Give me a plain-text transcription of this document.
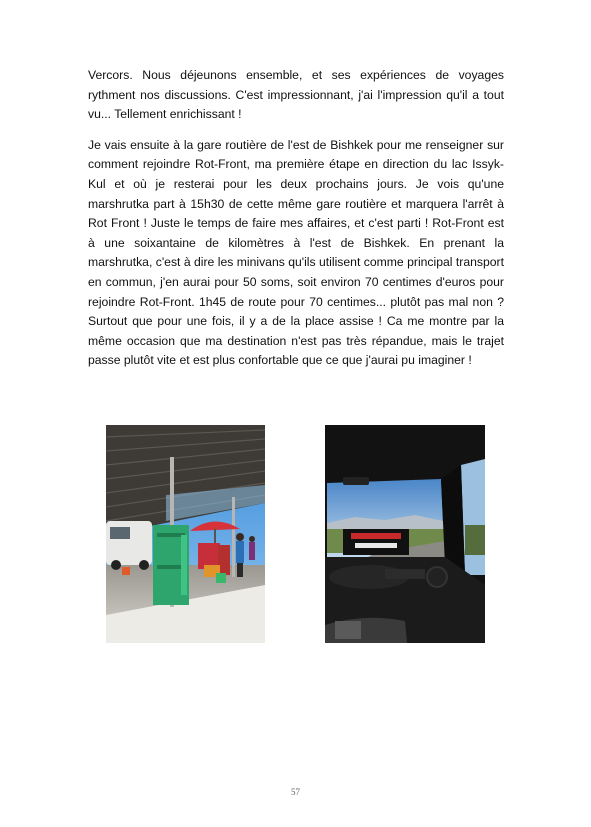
Vercors. Nous déjeunons ensemble, et ses expériences de voyages rythment nos discussions. C'est impressionnant, j'ai l'impression qu'il a tout vu... Tellement enrichissant !

Je vais ensuite à la gare routière de l'est de Bishkek pour me renseigner sur comment rejoindre Rot-Front, ma première étape en direction du lac Issyk-Kul et où je resterai pour les deux prochains jours. Je vois qu'une marshrutka part à 15h30 de cette même gare routière et marquera l'arrêt à Rot Front ! Juste le temps de faire mes affaires, et c'est parti ! Rot-Front est à une soixantaine de kilomètres à l'est de Bishkek. En prenant la marshrutka, c'est à dire les minivans qu'ils utilisent comme principal transport en commun, j'en aurai pour 50 soms, soit environ 70 centimes d'euros pour rejoindre Rot-Front. 1h45 de route pour 70 centimes... plutôt pas mal non ? Surtout que pour une fois, il y a de la place assise ! Ca me montre par la même occasion que ma destination n'est pas très répandue, mais le trajet passe plutôt vite et est plus confortable que ce que j'aurai pu imaginer !

57
